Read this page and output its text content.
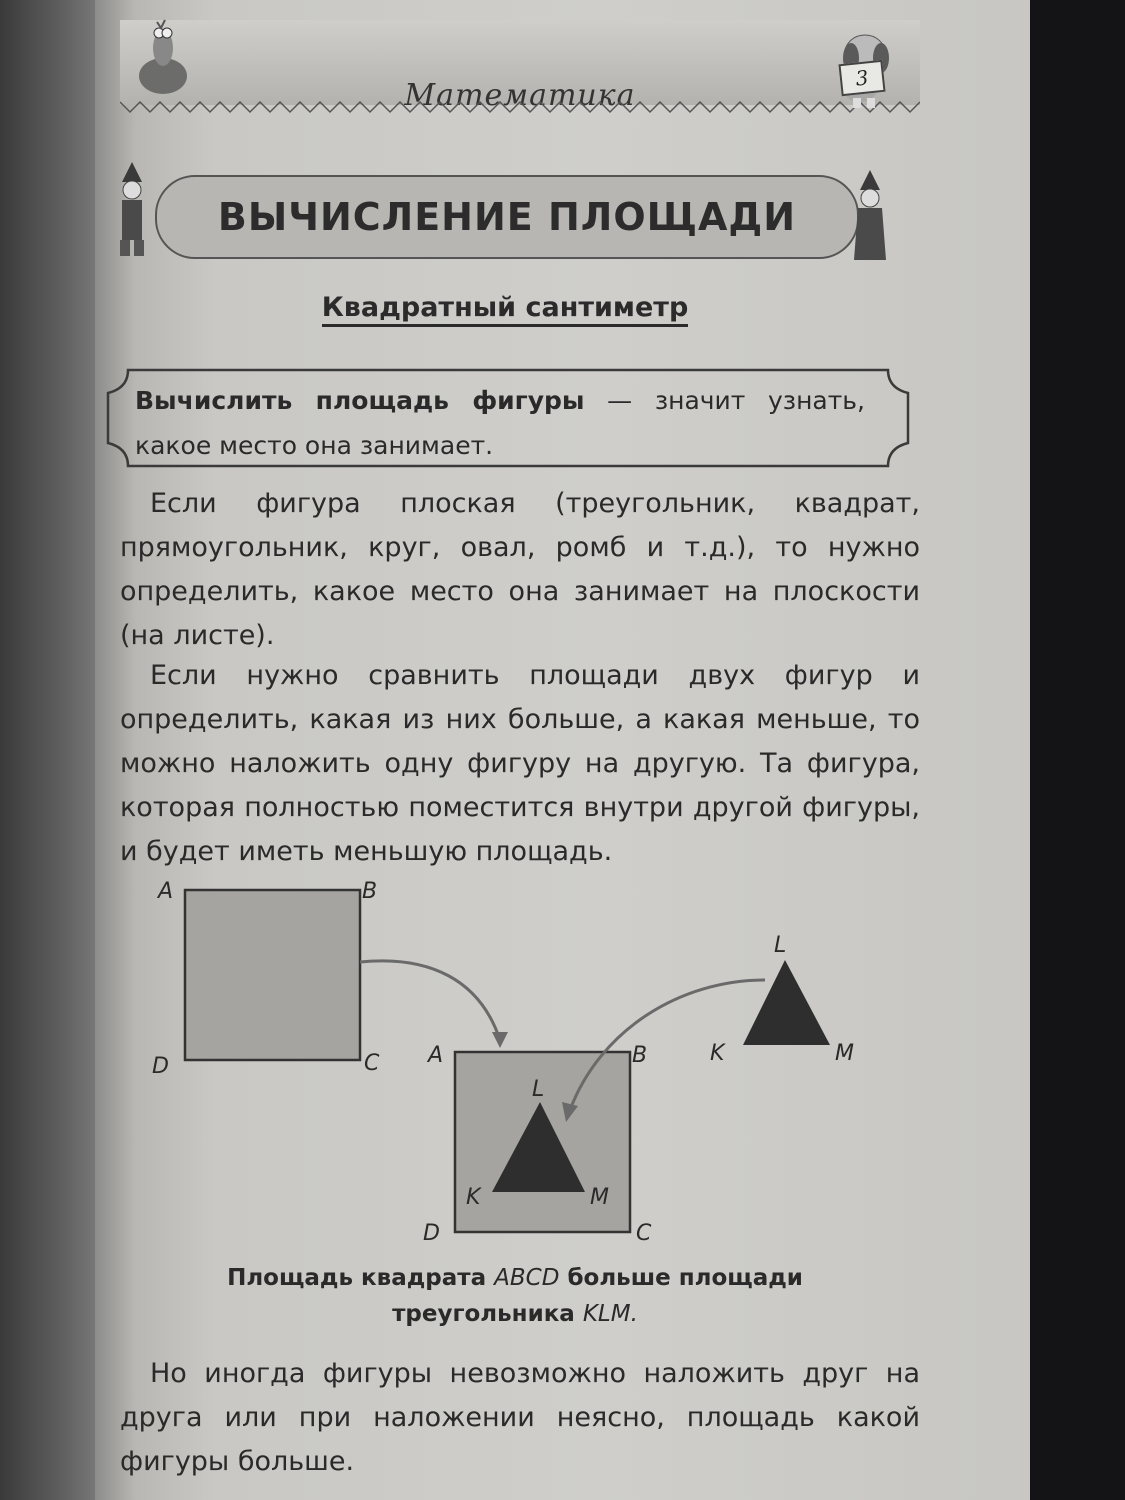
Математика	3
ВЫЧИСЛЕНИЕ ПЛОЩАДИ
Квадратный сантиметр
Вычислить площадь фигуры — значит узнать, какое место она занимает.

Если фигура плоская (треугольник, квадрат, прямоугольник, круг, овал, ромб и т.д.), то нужно определить, какое место она занимает на плоскости (на листе).

Если нужно сравнить площади двух фигур и определить, какая из них больше, а какая меньше, то можно наложить одну фигуру на другую. Та фигура, которая полностью поместится внутри другой фигуры, и будет иметь меньшую площадь.

A	B
C
D	A	B
C
D
L
K	M
L
K	M
Площадь квадрата ABCD больше площади треугольника KLM.

Но иногда фигуры невозможно наложить друг на друга или при наложении неясно, площадь какой фигуры больше.
